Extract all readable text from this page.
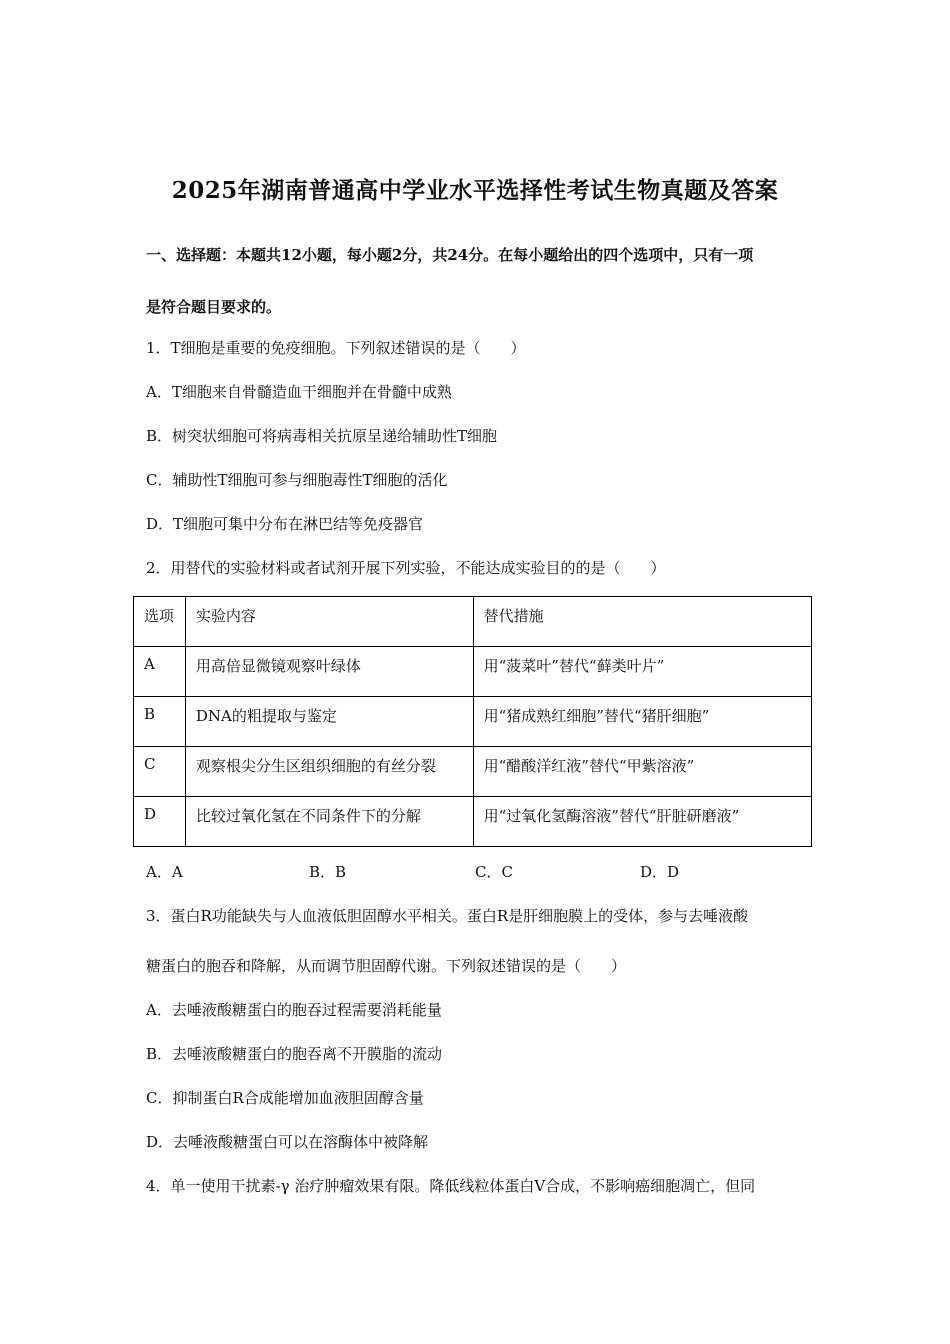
2025年湖南普通高中学业水平选择性考试生物真题及答案
一、选择题：本题共12小题，每小题2分，共24分。在每小题给出的四个选项中，只有一项
是符合题目要求的。
1．T细胞是重要的免疫细胞。下列叙述错误的是（　　）
A．T细胞来自骨髓造血干细胞并在骨髓中成熟
B．树突状细胞可将病毒相关抗原呈递给辅助性T细胞
C．辅助性T细胞可参与细胞毒性T细胞的活化
D．T细胞可集中分布在淋巴结等免疫器官
2．用替代的实验材料或者试剂开展下列实验，不能达成实验目的的是（　　）
选项	实验内容	替代措施
A	用高倍显微镜观察叶绿体	用“菠菜叶”替代“藓类叶片”
B	DNA的粗提取与鉴定	用“猪成熟红细胞”替代“猪肝细胞”
C	观察根尖分生区组织细胞的有丝分裂	用“醋酸洋红液”替代“甲紫溶液”
D	比较过氧化氢在不同条件下的分解	用“过氧化氢酶溶液”替代“肝脏研磨液”
A．A	B．B	C．C	D．D
3．蛋白R功能缺失与人血液低胆固醇水平相关。蛋白R是肝细胞膜上的受体，参与去唾液酸
糖蛋白的胞吞和降解，从而调节胆固醇代谢。下列叙述错误的是（　　）
A．去唾液酸糖蛋白的胞吞过程需要消耗能量
B．去唾液酸糖蛋白的胞吞离不开膜脂的流动
C．抑制蛋白R合成能增加血液胆固醇含量
D．去唾液酸糖蛋白可以在溶酶体中被降解
4．单一使用干扰素-γ 治疗肿瘤效果有限。降低线粒体蛋白V合成，不影响癌细胞凋亡，但同
